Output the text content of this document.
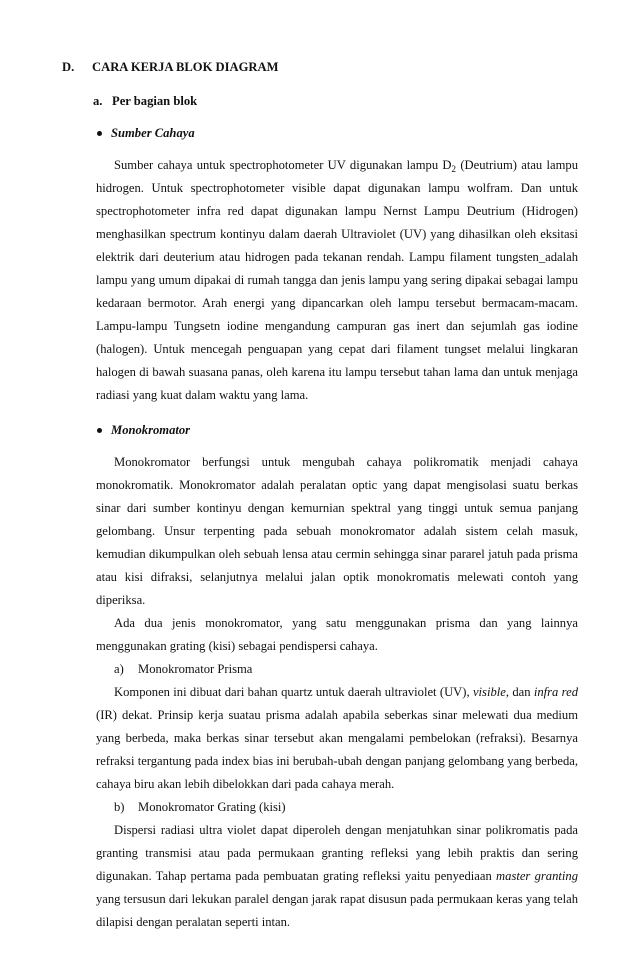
D. CARA KERJA BLOK DIAGRAM
a. Per bagian blok
Sumber Cahaya
Sumber cahaya untuk spectrophotometer UV digunakan lampu $D_2$ (Deutrium) atau lampu
hidrogen. Untuk spectrophotometer visible dapat digunakan lampu wolfram. Dan untuk
spectrophotometer infra red dapat digunakan lampu Nernst Lampu Deutrium (Hidrogen)
menghasilkan spectrum kontinyu dalam daerah Ultraviolet (UV) yang dihasilkan oleh eksitasi
elektrik dari deuterium atau hidrogen pada tekanan rendah. Lampu filament tungsten_adalah
lampu yang umum dipakai di rumah tangga dan jenis lampu yang sering dipakai sebagai lampu
kedaraan bermotor. Arah energi yang dipancarkan oleh lampu tersebut bermacam-macam.
Lampu-lampu Tungsetn iodine mengandung campuran gas inert dan sejumlah gas iodine
(halogen). Untuk mencegah penguapan yang cepat dari filament tungset melalui lingkaran
halogen di bawah suasana panas, oleh karena itu lampu tersebut tahan lama dan untuk menjaga
radiasi yang kuat dalam waktu yang lama.
Monokromator
Monokromator berfungsi untuk mengubah cahaya polikromatik menjadi cahaya
monokromatik. Monokromator adalah peralatan optic yang dapat mengisolasi suatu berkas
sinar dari sumber kontinyu dengan kemurnian spektral yang tinggi untuk semua panjang
gelombang. Unsur terpenting pada sebuah monokromator adalah sistem celah masuk,
kemudian dikumpulkan oleh sebuah lensa atau cermin sehingga sinar pararel jatuh pada prisma
atau kisi difraksi, selanjutnya melalui jalan optik monokromatis melewati contoh yang
diperiksa.
Ada dua jenis monokromator, yang satu menggunakan prisma dan yang lainnya
menggunakan grating (kisi) sebagai pendispersi cahaya.
a) Monokromator Prisma
Komponen ini dibuat dari bahan quartz untuk daerah ultraviolet (UV), visible, dan infra red
(IR) dekat. Prinsip kerja suatau prisma adalah apabila seberkas sinar melewati dua medium
yang berbeda, maka berkas sinar tersebut akan mengalami pembelokan (refraksi). Besarnya
refraksi tergantung pada index bias ini berubah-ubah dengan panjang gelombang yang berbeda,
cahaya biru akan lebih dibelokkan dari pada cahaya merah.
b) Monokromator Grating (kisi)
Dispersi radiasi ultra violet dapat diperoleh dengan menjatuhkan sinar polikromatis pada
granting transmisi atau pada permukaan granting refleksi yang lebih praktis dan sering
digunakan. Tahap pertama pada pembuatan grating refleksi yaitu penyediaan master granting
yang tersusun dari lekukan paralel dengan jarak rapat disusun pada permukaan keras yang telah
dilapisi dengan peralatan seperti intan.
